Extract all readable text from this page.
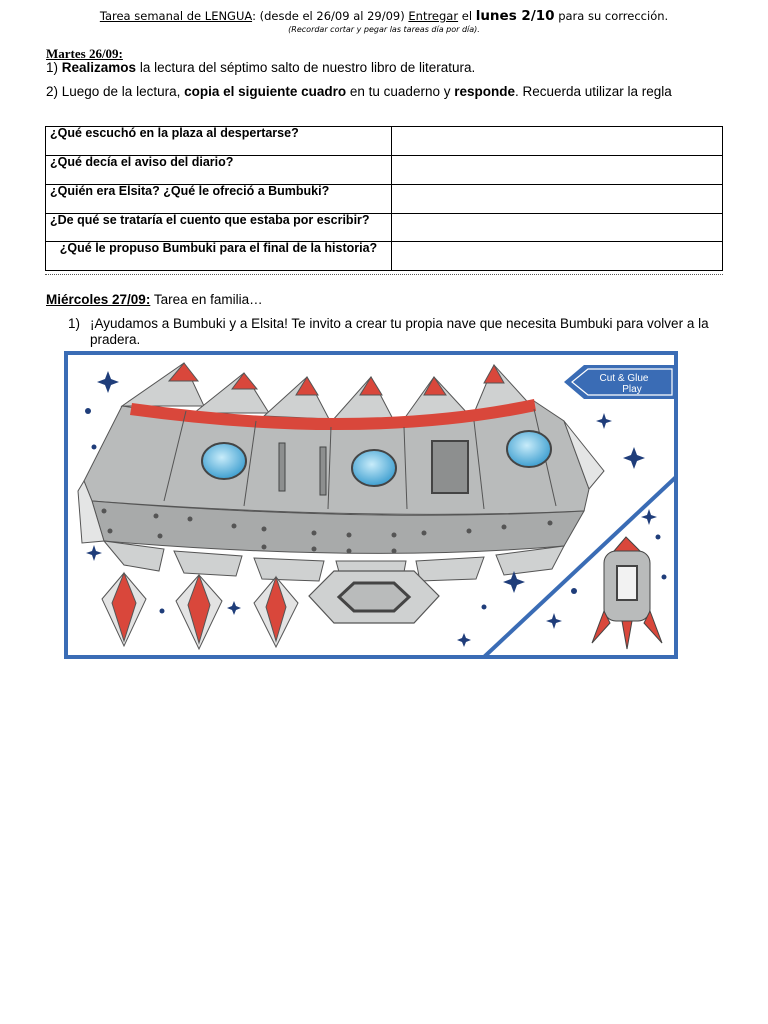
Tarea semanal de LENGUA: (desde el 26/09 al 29/09) Entregar el lunes 2/10 para su corrección.
(Recordar cortar y pegar las tareas día por día).
Martes 26/09:
1) Realizamos la lectura del séptimo salto de nuestro libro de literatura.
2) Luego de la lectura, copia el siguiente cuadro en tu cuaderno y responde. Recuerda utilizar la regla
¿Qué escuchó en la plaza al despertarse?	
¿Qué decía el aviso del diario?	
¿Quién era Elsita? ¿Qué le ofreció a Bumbuki?	
¿De qué se trataría el cuento que estaba por escribir?	
¿Qué le propuso Bumbuki para el final de la historia?	
Miércoles 27/09: Tarea en familia…
1) ¡Ayudamos a Bumbuki y a Elsita! Te invito a crear tu propia nave que necesita Bumbuki para volver a la pradera.
Cut & Glue
Play
